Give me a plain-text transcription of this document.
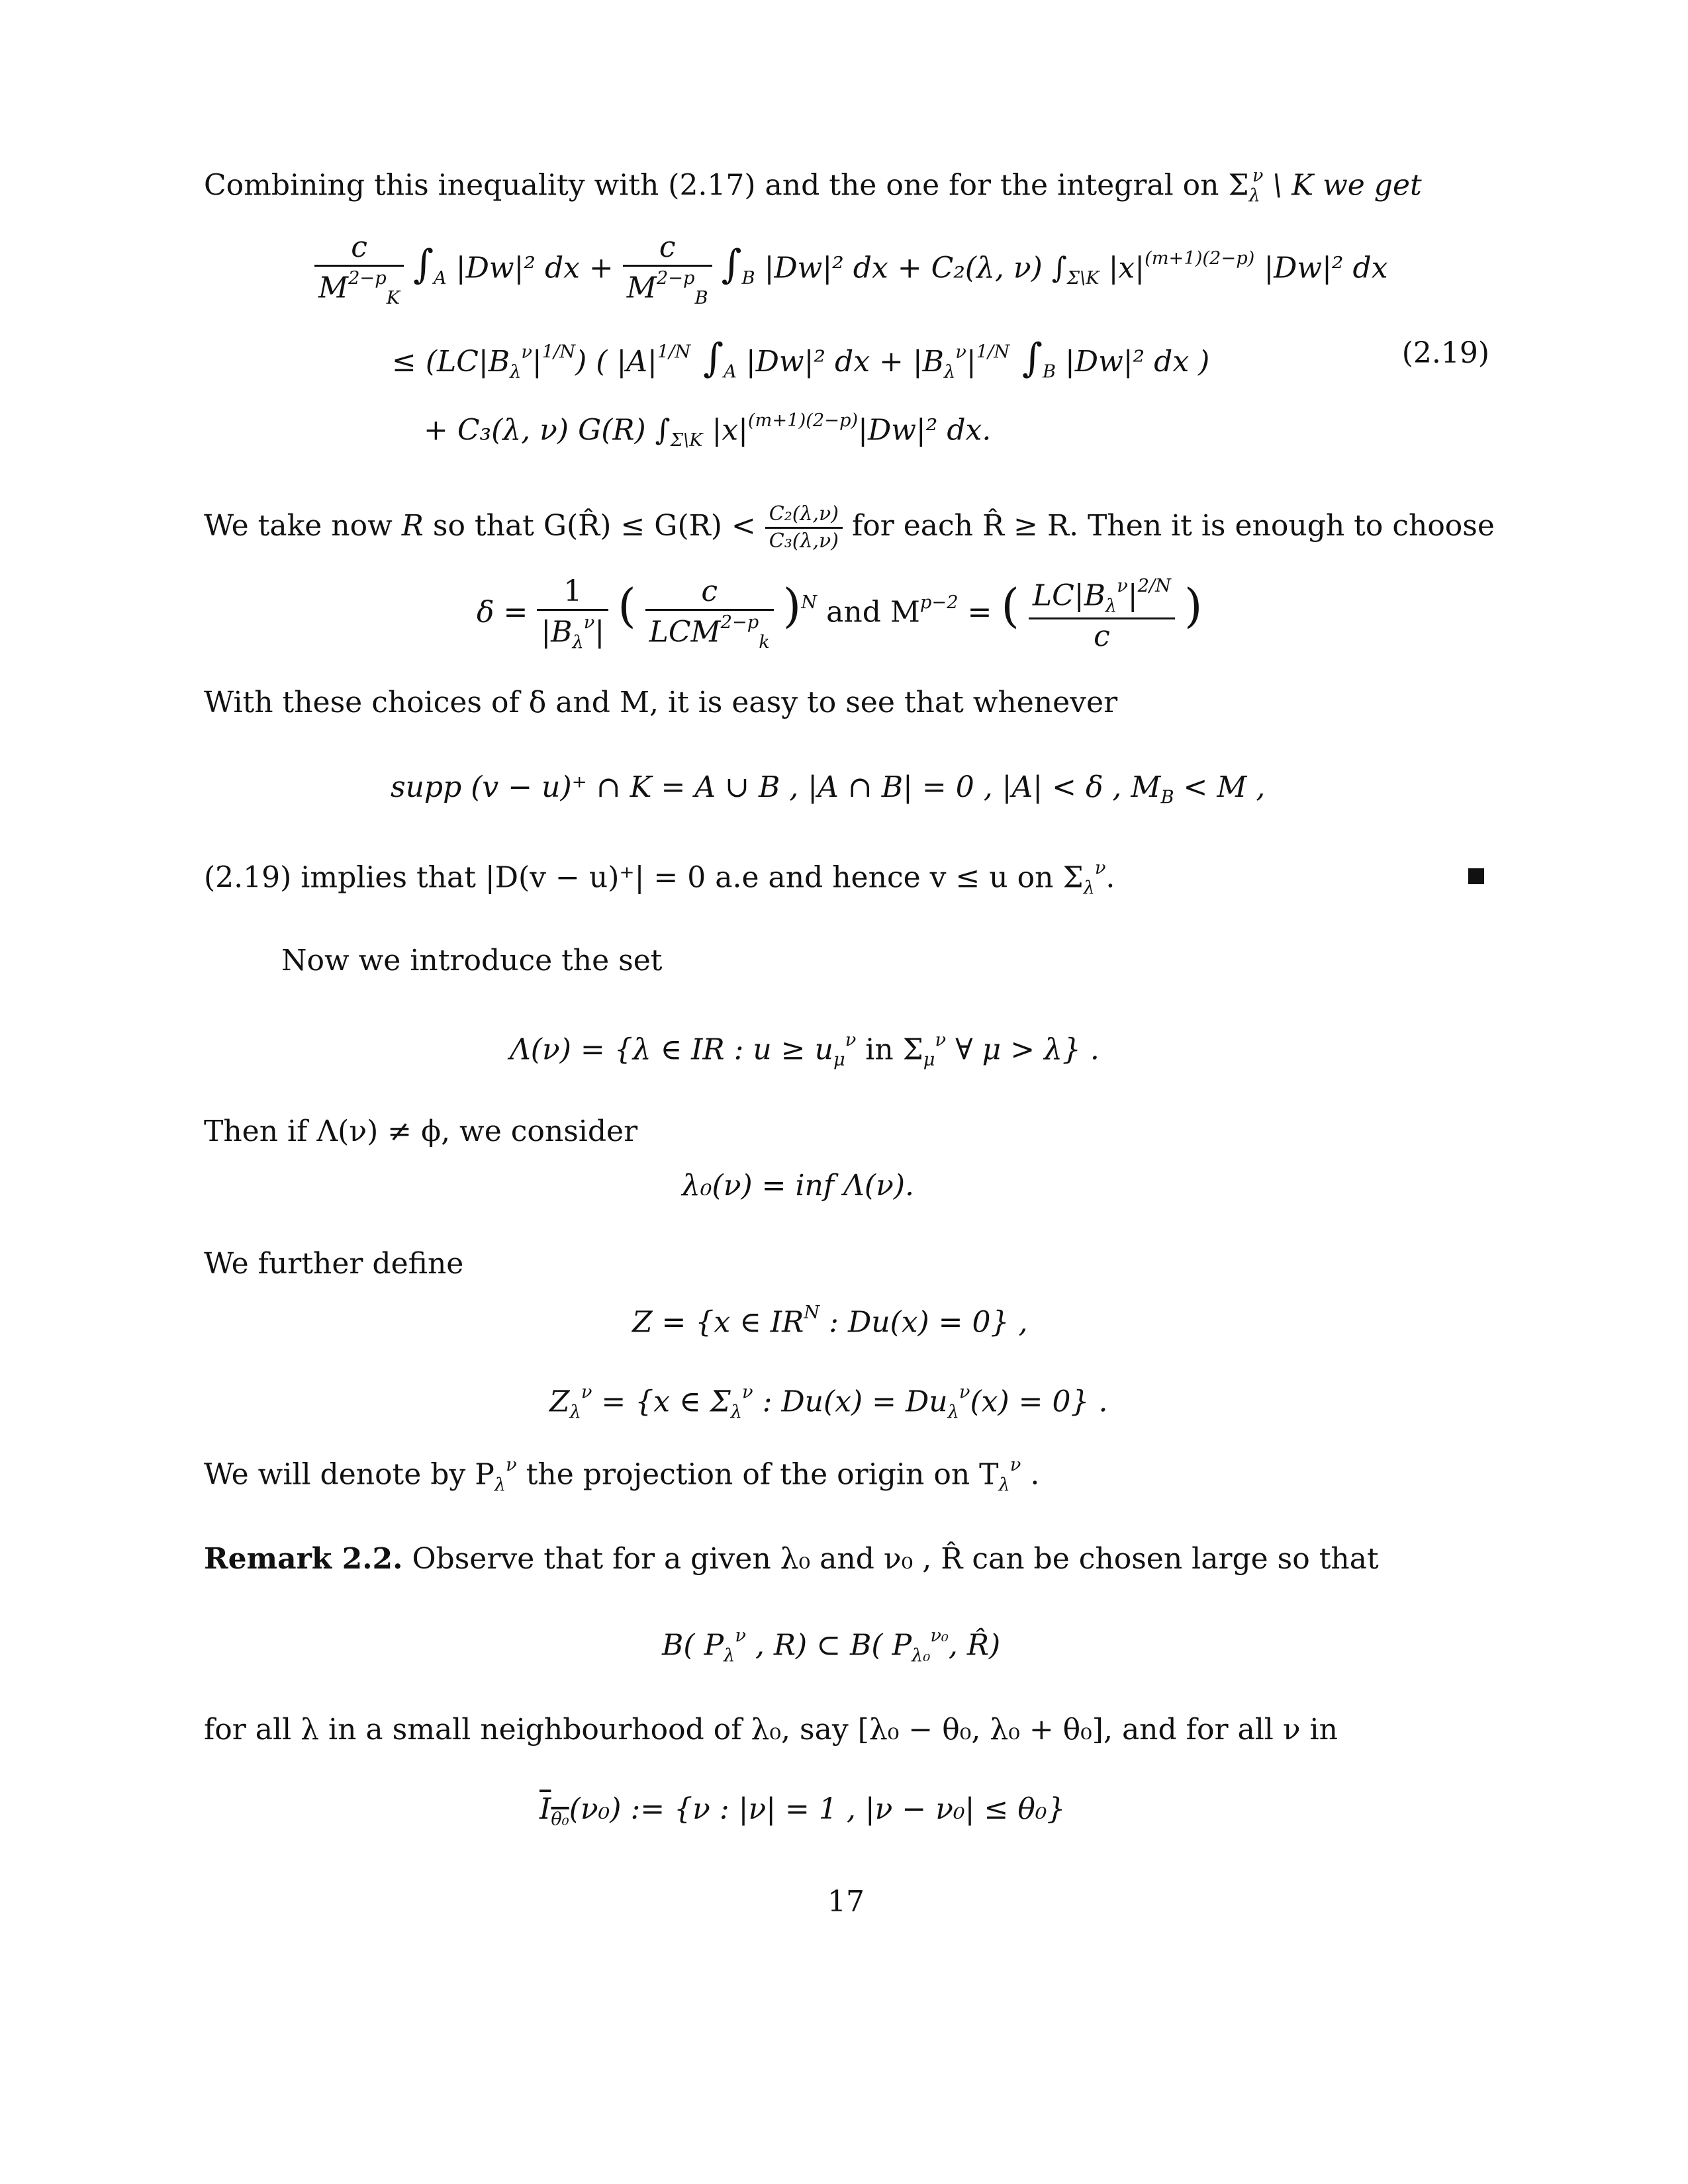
Combining this inequality with (2.17) and the one for the integral on $\Sigma_\lambda^\nu$ \ K we get
$\frac{c}{M^{2-p}_K} \int_A$ |Dw|² dx + $\frac{c}{M^{2-p}_B} \int_B$ |Dw|² dx + C₂(λ, ν) $\int_{\Sigma\backslash K}$ $|x|^{(m+1)(2-p)}$ |Dw|² dx
≤ $(LC|B_\lambda^\nu|^{1/N})$ ( $|A|^{1/N}$ $\int_A$ |Dw|² dx + $|B_\lambda^\nu|^{1/N}$ $\int_B$ |Dw|² dx )	(2.19)
+ C₃(λ, ν) G(R) $\int_{\Sigma\backslash K}$ $|x|^{(m+1)(2-p)}|Dw|^2$ dx.
We take now R so that G(R̂) ≤ $G(R) < \frac{\text{C₂(λ,ν)}}{\text{C₃(λ,ν)}}$ for each R̂ ≥ R. Then it is enough to choose
$\delta = \frac{1}{|B_\lambda^\nu|}$ ( $\frac{c}{LCM^{2-p}_k} )^N$ and $M^{p-2}$ = ( $\frac{LC|B_\lambda^\nu|^{2/N}}{c}$ )
With these choices of δ and M, it is easy to see that whenever
supp (v − u)⁺ ∩ K = A ∪ B , |A ∩ B| = 0 , |A| < δ , $M_B < M$ ,
(2.19) implies that |D(v − u)⁺| = 0 a.e and hence v ≤ u on $\Sigma_\lambda^\nu$.
Now we introduce the set
Λ(ν) = {λ ∈ IR : $u \ge u_\mu^\nu$ in $\Sigma_\mu^\nu$ ∀ μ > λ} .
Then if Λ(ν) ≠ ϕ, we consider
λ₀(ν) = inf Λ(ν).
We further define
Z = {x ∈ $IR^N$ : Du(x) = 0} ,
$Z_\lambda^\nu = \{x$ ∈ $\Sigma_\lambda^\nu$ : $Du(x) = Du_\lambda^\nu(x) = 0$} .
We will denote by $P_\lambda^\nu$ the projection of the origin on $T_\lambda^\nu$ .
Remark 2.2. Observe that for a given λ₀ and ν₀ , R̂ can be chosen large so that
B( $P_\lambda^\nu$ , R) ⊂ B( $P_{\lambda_0}^{\nu_0}$, R̂)
for all λ in a small neighbourhood of λ₀, say [λ₀ − θ₀, λ₀ + θ₀], and for all ν in
$I_{\theta_0}(\nu_0)$ := {ν : |ν| = 1 , |ν − ν₀| ≤ θ₀}
17
